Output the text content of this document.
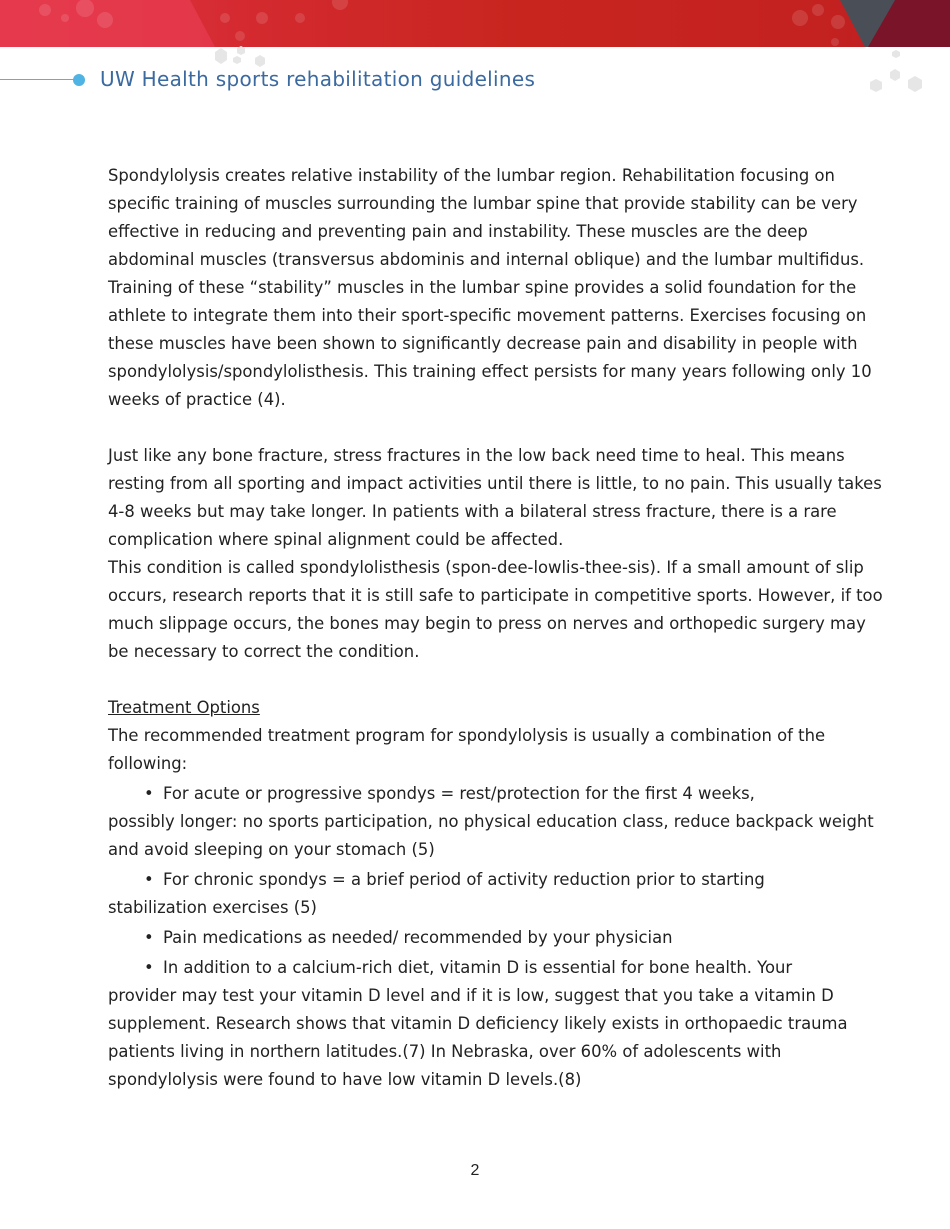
UW Health sports rehabilitation guidelines

Spondylolysis creates relative instability of the lumbar region. Rehabilitation focusing on specific training of muscles surrounding the lumbar spine that provide stability can be very effective in reducing and preventing pain and instability. These muscles are the deep abdominal muscles (transversus abdominis and internal oblique) and the lumbar multifidus. Training of these “stability” muscles in the lumbar spine provides a solid foundation for the athlete to integrate them into their sport-specific movement patterns. Exercises focusing on these muscles have been shown to significantly decrease pain and disability in people with spondylolysis/spondylolisthesis. This training effect persists for many years following only 10 weeks of practice (4).

Just like any bone fracture, stress fractures in the low back need time to heal. This means resting from all sporting and impact activities until there is little, to no pain. This usually takes 4-8 weeks but may take longer. In patients with a bilateral stress fracture, there is a rare complication where spinal alignment could be affected.

This condition is called spondylolisthesis (spon-dee-lowlis-thee-sis). If a small amount of slip occurs, research reports that it is still safe to participate in competitive sports. However, if too much slippage occurs, the bones may begin to press on nerves and orthopedic surgery may be necessary to correct the condition.

Treatment Options

The recommended treatment program for spondylolysis is usually a combination of the following:

• For acute or progressive spondys = rest/protection for the first 4 weeks,

possibly longer: no sports participation, no physical education class, reduce backpack weight and avoid sleeping on your stomach (5)

• For chronic spondys = a brief period of activity reduction prior to starting

stabilization exercises (5)

• Pain medications as needed/ recommended by your physician
• In addition to a calcium-rich diet, vitamin D is essential for bone health. Your

provider may test your vitamin D level and if it is low, suggest that you take a vitamin D supplement. Research shows that vitamin D deficiency likely exists in orthopaedic trauma patients living in northern latitudes.(7) In Nebraska, over 60% of adolescents with spondylolysis were found to have low vitamin D levels.(8)

2
